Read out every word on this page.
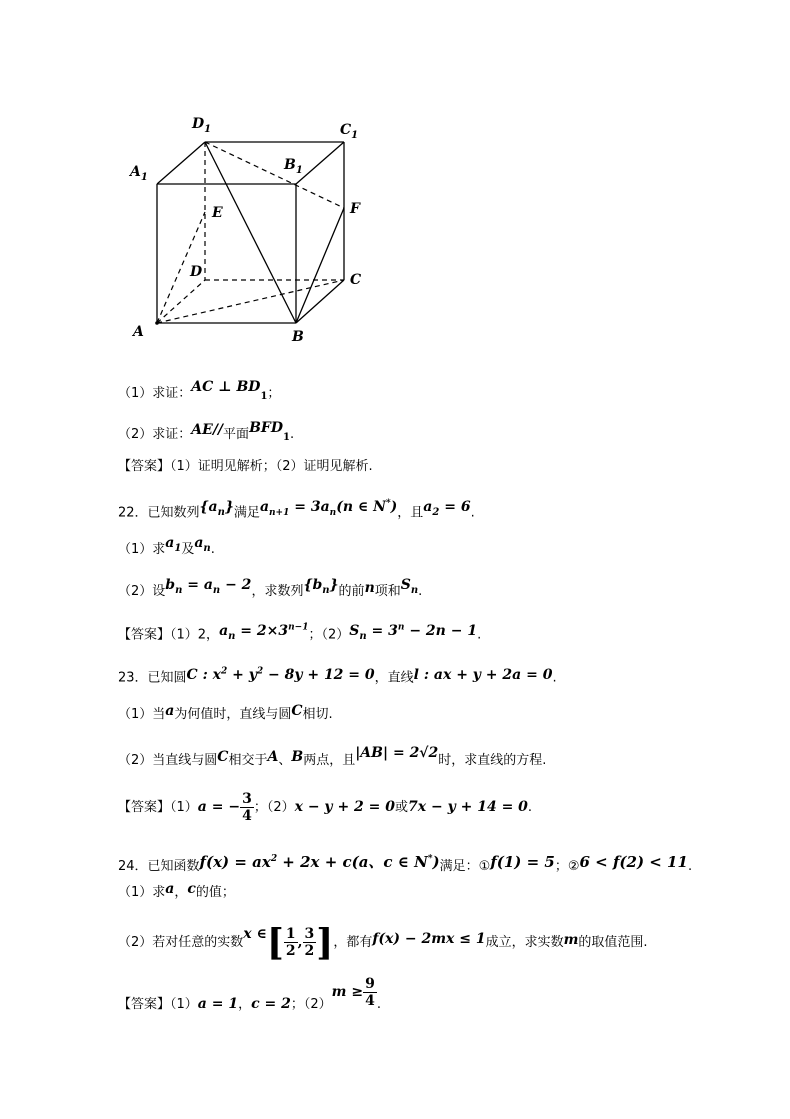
$D_1$	$C_1$
$A_1$
$B_1$
E	F
D	C
A	B
（1）求证：AC ⊥ $BD_1$；
（2）求证：AE//平面$BFD_1$.
【答案】（1）证明见解析；（2）证明见解析.
22．已知数列$\{a_n\}$满足$a_{n+1} = 3a_n(n$ ∈ N*)，且$a_2 = 6$.
（1）求$a_1$及$a_n$.
（2）设$b_n = a_n - 2$，求数列$\{b_n\}$的前n项和$S_n$.
【答案】（1）2，$a_n = 2\times 3^{n-1}$；$(2)S_n = 3^n - 2n - 1$.
23．已知圆C : $x^2 + y^2 - 8y + 12 = 0$，直线l : ax + y + 2a = 0.
（1）当a为何值时，直线与圆C相切.
（2）当直线与圆C相交于A、B两点，且|AB| = 2√2时，求直线的方程.
【答案】（1）a = − $\frac{3}{4}$ ；（2）x − y + 2 = 0或7x − y + 14 = 0.
24．已知函数$f(x) = ax^2 + 2x + c(a$、c ∈ N*)满足：①f(1) = 5；②6 < f(2) < 11.
（1）求a，c的值；
（2）若对任意的实数x ∈[ $\frac{1}{2}$ , $\frac{3}{2}$ ]，都有f(x) − 2mx ≤ 1成立，求实数m的取值范围.
【答案】（1）a = 1，c = 2；$(2)m \ge \frac{9}{4}$ .
